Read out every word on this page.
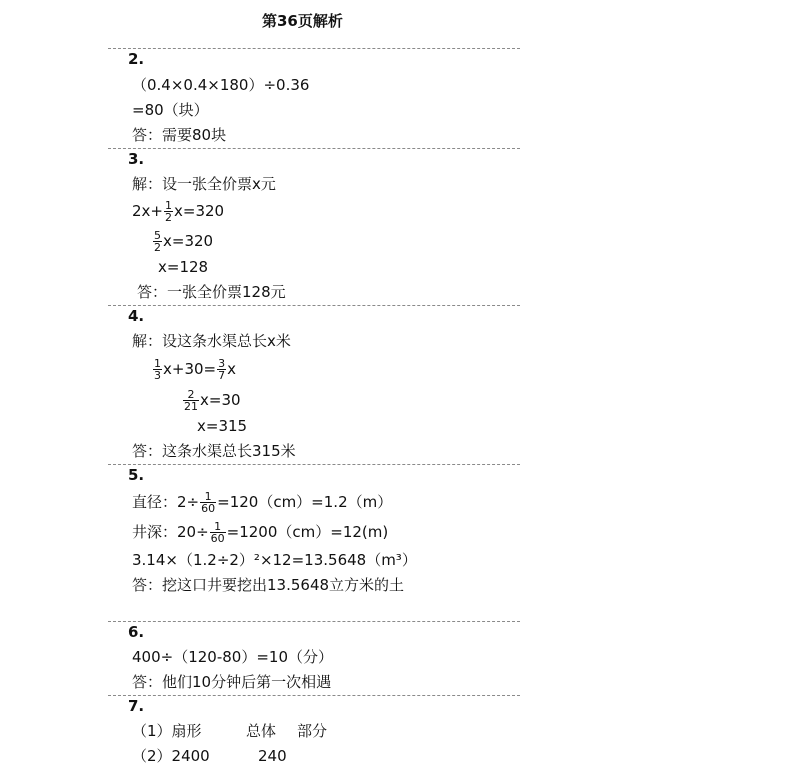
第36页解析
2.
（0.4×0.4×180）÷0.36
=80（块）
答：需要80块
3.
解：设一张全价票x元
$2x+ \frac{1}{2} x=320$
$\frac{5}{2} x=320$
x=128
答：一张全价票128元
4.
解：设这条水渠总长x米
$\frac{1}{3} x+30= \frac{3}{7}$ x
$\frac{2}{21} x=30$
x=315
答：这条水渠总长315米
5.
直径：$2\div \frac{1}{60} =120(cm)=1.2(m)$
井深：$20\div \frac{1}{60} =1200(cm)=12(m)$
3.14×（1.2÷2）²×12=13.5648（m³）
答：挖这口井要挖出13.5648立方米的土
6.
400÷（120-80）=10（分）
答：他们10分钟后第一次相遇
7.
（1）扇形	总体 部分
（2）2400	240
